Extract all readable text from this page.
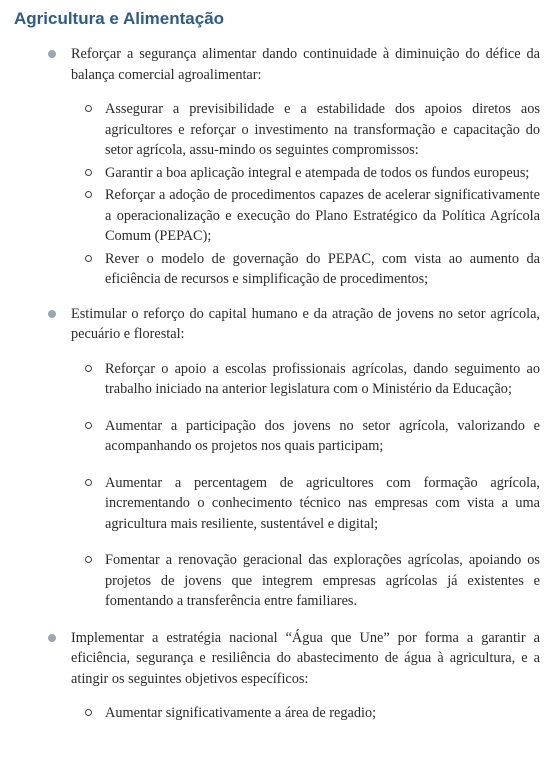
Agricultura e Alimentação

Reforçar a segurança alimentar dando continuidade à diminuição do défice da balança comercial agroalimentar:

Assegurar a previsibilidade e a estabilidade dos apoios diretos aos agricultores e reforçar o investimento na transformação e capacitação do setor agrícola, assu-mindo os seguintes compromissos:

Garantir a boa aplicação integral e atempada de todos os fundos europeus;

Reforçar a adoção de procedimentos capazes de acelerar significativamente a operacionalização e execução do Plano Estratégico da Política Agrícola Comum (PEPAC);

Rever o modelo de governação do PEPAC, com vista ao aumento da eficiência de recursos e simplificação de procedimentos;

Estimular o reforço do capital humano e da atração de jovens no setor agrícola, pecuário e florestal:

Reforçar o apoio a escolas profissionais agrícolas, dando seguimento ao trabalho iniciado na anterior legislatura com o Ministério da Educação;

Aumentar a participação dos jovens no setor agrícola, valorizando e acompanhando os projetos nos quais participam;

Aumentar a percentagem de agricultores com formação agrícola, incrementando o conhecimento técnico nas empresas com vista a uma agricultura mais resiliente, sustentável e digital;

Fomentar a renovação geracional das explorações agrícolas, apoiando os projetos de jovens que integrem empresas agrícolas já existentes e fomentando a transferência entre familiares.

Implementar a estratégia nacional “Água que Une” por forma a garantir a eficiência, segurança e resiliência do abastecimento de água à agricultura, e a atingir os seguintes objetivos específicos:

Aumentar significativamente a área de regadio;
